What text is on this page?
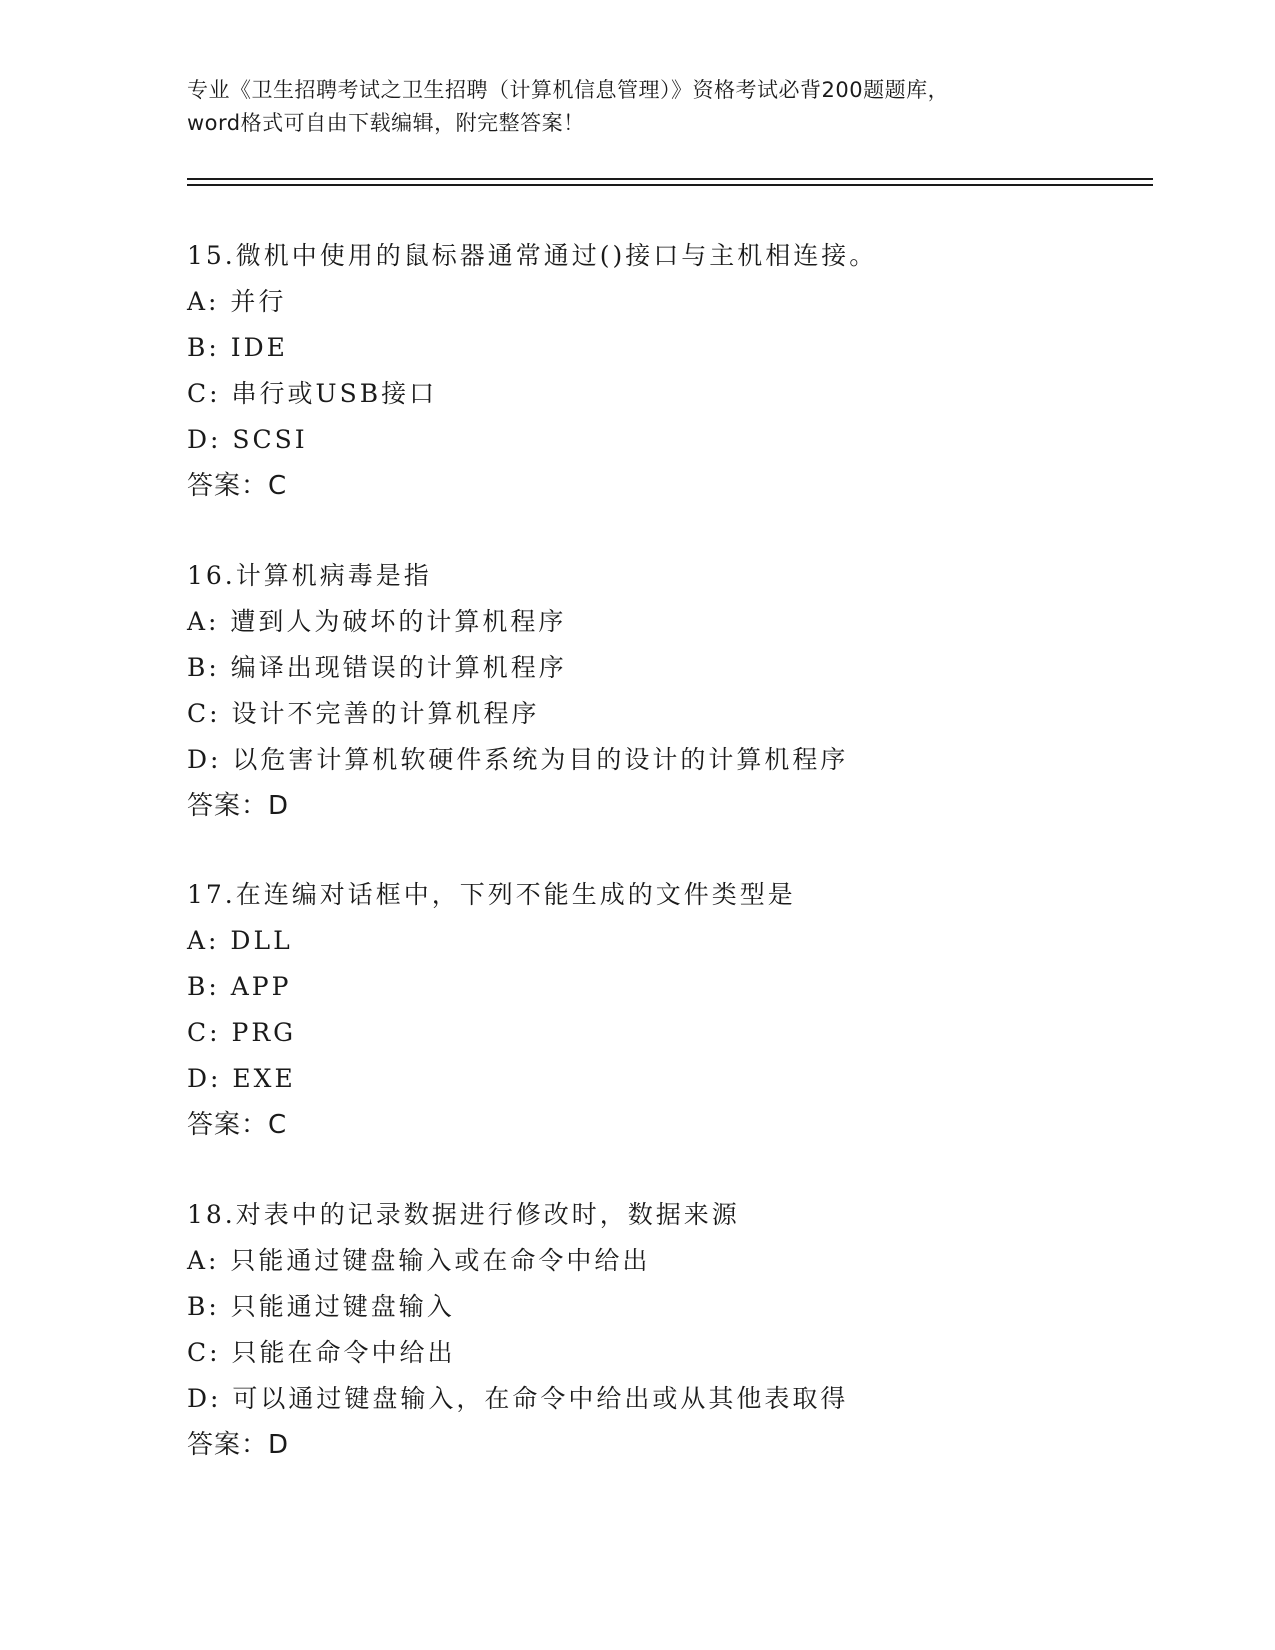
专业《卫生招聘考试之卫生招聘（计算机信息管理）》资格考试必背200题题库，
word格式可自由下载编辑，附完整答案！
15.微机中使用的鼠标器通常通过()接口与主机相连接。
A: 并行
B: IDE
C: 串行或USB接口
D: SCSI
答案：C
16.计算机病毒是指
A: 遭到人为破坏的计算机程序
B: 编译出现错误的计算机程序
C: 设计不完善的计算机程序
D: 以危害计算机软硬件系统为目的设计的计算机程序
答案：D
17.在连编对话框中，下列不能生成的文件类型是
A: DLL
B: APP
C: PRG
D: EXE
答案：C
18.对表中的记录数据进行修改时，数据来源
A: 只能通过键盘输入或在命令中给出
B: 只能通过键盘输入
C: 只能在命令中给出
D: 可以通过键盘输入，在命令中给出或从其他表取得
答案：D
